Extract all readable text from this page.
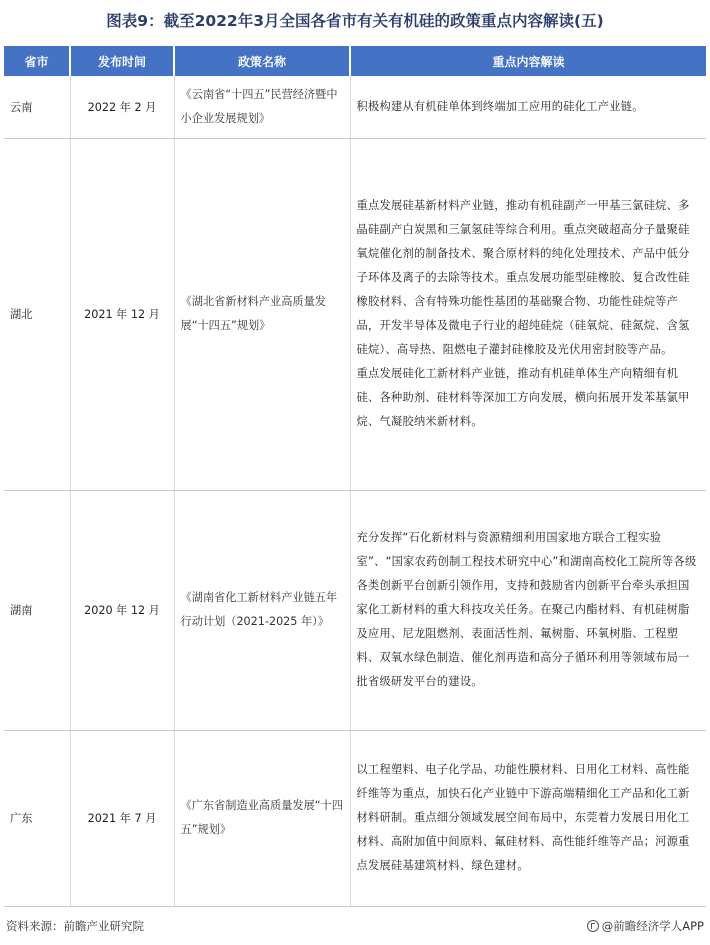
图表9：截至2022年3月全国各省市有关有机硅的政策重点内容解读(五)
省市	发布时间	政策名称	重点内容解读
云南	2022 年 2 月	《云南省“十四五”民营经济暨中小企业发展规划》	积极构建从有机硅单体到终端加工应用的硅化工产业链。

湖北	2021 年 12 月	《湖北省新材料产业高质量发展“十四五”规划》	重点发展硅基新材料产业链，推动有机硅副产一甲基三氯硅烷、多晶硅副产白炭黑和三氯氢硅等综合利用。重点突破超高分子量聚硅氧烷催化剂的制备技术、聚合原材料的纯化处理技术、产品中低分子环体及离子的去除等技术。重点发展功能型硅橡胶、复合改性硅橡胶材料、含有特殊功能性基团的基础聚合物、功能性硅烷等产品，开发半导体及微电子行业的超纯硅烷（硅氧烷、硅氮烷、含氢硅烷）、高导热、阻燃电子灌封硅橡胶及光伏用密封胶等产品。

重点发展硅化工新材料产业链，推动有机硅单体生产向精细有机硅、各种助剂、硅材料等深加工方向发展，横向拓展开发苯基氯甲烷、气凝胶纳米新材料。

湖南	2020 年 12 月	《湖南省化工新材料产业链五年行动计划（2021-2025 年）》	充分发挥“石化新材料与资源精细利用国家地方联合工程实验室”、“国家农药创制工程技术研究中心”和湖南高校化工院所等各级各类创新平台创新引领作用，支持和鼓励省内创新平台牵头承担国家化工新材料的重大科技攻关任务。在聚己内酯材料、有机硅树脂及应用、尼龙阻燃剂、表面活性剂、氟树脂、环氧树脂、工程塑料、双氧水绿色制造、催化剂再造和高分子循环利用等领域布局一批省级研发平台的建设。

广东	2021 年 7 月	《广东省制造业高质量发展“十四五”规划》	以工程塑料、电子化学品、功能性膜材料、日用化工材料、高性能纤维等为重点，加快石化产业链中下游高端精细化工产品和化工新材料研制。重点细分领域发展空间布局中，东莞着力发展日用化工材料、高附加值中间原料、氟硅材料、高性能纤维等产品；河源重点发展硅基建筑材料、绿色建材。

资料来源：前瞻产业研究院	@前瞻经济学人APP
